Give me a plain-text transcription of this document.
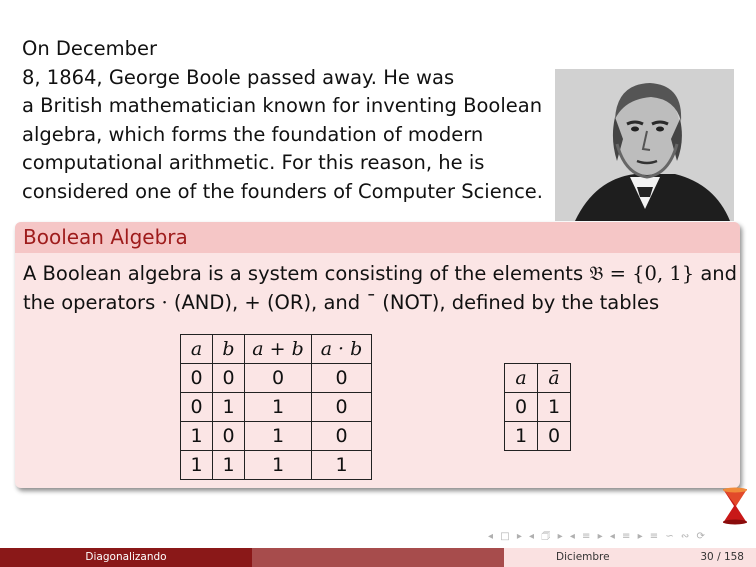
On December
8, 1864, George Boole passed away. He was
a British mathematician known for inventing Boolean
algebra, which forms the foundation of modern
computational arithmetic. For this reason, he is
considered one of the founders of Computer Science.
Boolean Algebra
A Boolean algebra is a system consisting of the elements 𝔅 = {0, 1} and
the operators · (AND), + (OR), and ¯ (NOT), defined by the tables
a	b	a + b	a · b
0	0	0	0
0	1	1	0
1	0	1	0
1	1	1	1
a	ā
0	1
1	0
◂ □ ▸ ◂ 🗇 ▸ ◂ ≡ ▸ ◂ ≡ ▸ ≡ ∽ ∾ ⟳
Diagonalizando	Diciembre	30 / 158
